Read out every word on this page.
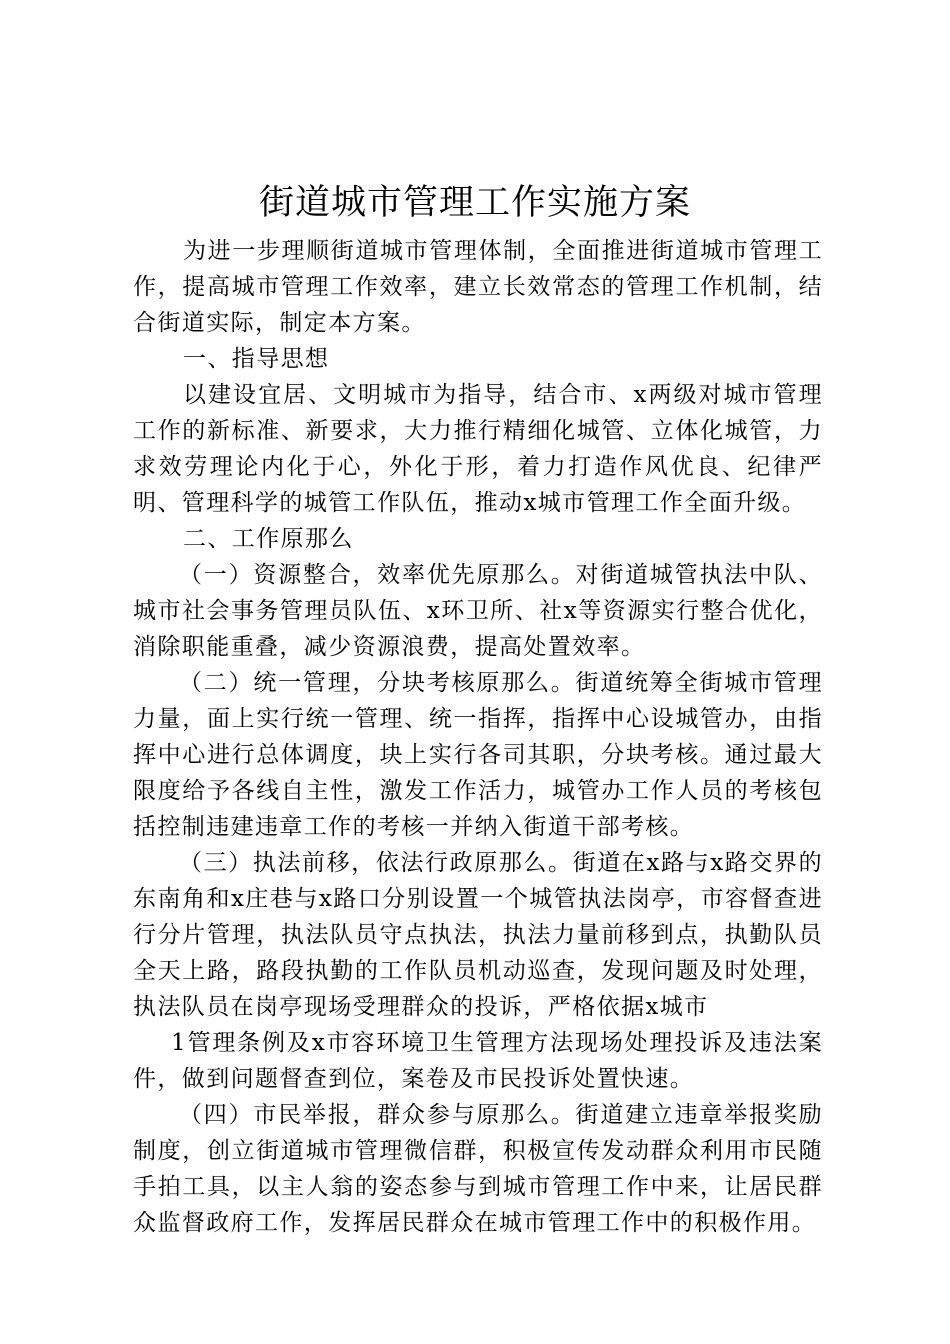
街道城市管理工作实施方案

为进一步理顺街道城市管理体制，全面推进街道城市管理工作，提高城市管理工作效率，建立长效常态的管理工作机制，结合街道实际，制定本方案。

一、指导思想

以建设宜居、文明城市为指导，结合市、x两级对城市管理工作的新标准、新要求，大力推行精细化城管、立体化城管，力求效劳理论内化于心，外化于形，着力打造作风优良、纪律严明、管理科学的城管工作队伍，推动x城市管理工作全面升级。

二、工作原那么

（一）资源整合，效率优先原那么。对街道城管执法中队、城市社会事务管理员队伍、x环卫所、社x等资源实行整合优化，消除职能重叠，减少资源浪费，提高处置效率。

（二）统一管理，分块考核原那么。街道统筹全街城市管理力量，面上实行统一管理、统一指挥，指挥中心设城管办，由指挥中心进行总体调度，块上实行各司其职，分块考核。通过最大限度给予各线自主性，激发工作活力，城管办工作人员的考核包括控制违建违章工作的考核一并纳入街道干部考核。

（三）执法前移，依法行政原那么。街道在x路与x路交界的东南角和x庄巷与x路口分别设置一个城管执法岗亭，市容督查进行分片管理，执法队员守点执法，执法力量前移到点，执勤队员全天上路，路段执勤的工作队员机动巡查，发现问题及时处理，执法队员在岗亭现场受理群众的投诉，严格依据x城市

1管理条例及x市容环境卫生管理方法现场处理投诉及违法案件，做到问题督查到位，案卷及市民投诉处置快速。

（四）市民举报，群众参与原那么。街道建立违章举报奖励制度，创立街道城市管理微信群，积极宣传发动群众利用市民随手拍工具，以主人翁的姿态参与到城市管理工作中来，让居民群众监督政府工作，发挥居民群众在城市管理工作中的积极作用。
